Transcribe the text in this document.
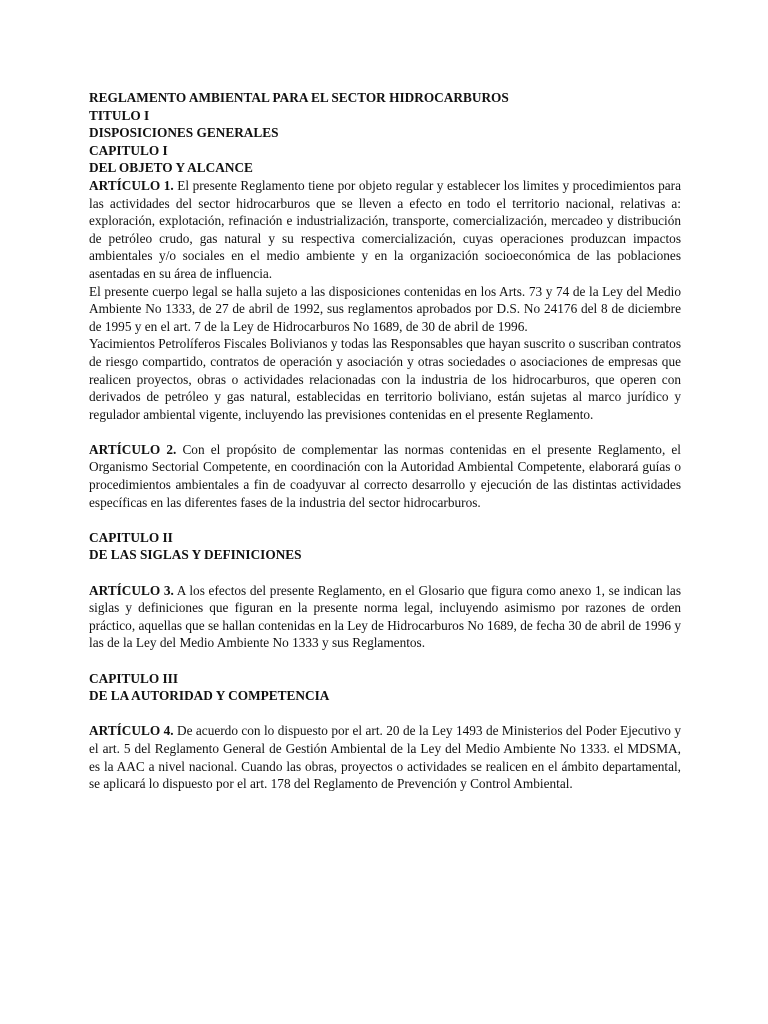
REGLAMENTO AMBIENTAL PARA EL SECTOR HIDROCARBUROS
TITULO I
DISPOSICIONES GENERALES
CAPITULO I
DEL OBJETO Y ALCANCE

ARTÍCULO 1. El presente Reglamento tiene por objeto regular y establecer los limites y procedimientos para las actividades del sector hidrocarburos que se lleven a efecto en todo el territorio nacional, relativas a: exploración, explotación, refinación e industrialización, transporte, comercialización, mercadeo y distribución de petróleo crudo, gas natural y su respectiva comercialización, cuyas operaciones produzcan impactos ambientales y/o sociales en el medio ambiente y en la organización socioeconómica de las poblaciones asentadas en su área de influencia.

El presente cuerpo legal se halla sujeto a las disposiciones contenidas en los Arts. 73 y 74 de la Ley del Medio Ambiente No 1333, de 27 de abril de 1992, sus reglamentos aprobados por D.S. No 24176 del 8 de diciembre de 1995 y en el art. 7 de la Ley de Hidrocarburos No 1689, de 30 de abril de 1996.

Yacimientos Petrolíferos Fiscales Bolivianos y todas las Responsables que hayan suscrito o suscriban contratos de riesgo compartido, contratos de operación y asociación y otras sociedades o asociaciones de empresas que realicen proyectos, obras o actividades relacionadas con la industria de los hidrocarburos, que operen con derivados de petróleo y gas natural, establecidas en territorio boliviano, están sujetas al marco jurídico y regulador ambiental vigente, incluyendo las previsiones contenidas en el presente Reglamento.

ARTÍCULO 2. Con el propósito de complementar las normas contenidas en el presente Reglamento, el Organismo Sectorial Competente, en coordinación con la Autoridad Ambiental Competente, elaborará guías o procedimientos ambientales a fin de coadyuvar al correcto desarrollo y ejecución de las distintas actividades específicas en las diferentes fases de la industria del sector hidrocarburos.

CAPITULO II
DE LAS SIGLAS Y DEFINICIONES

ARTÍCULO 3. A los efectos del presente Reglamento, en el Glosario que figura como anexo 1, se indican las siglas y definiciones que figuran en la presente norma legal, incluyendo asimismo por razones de orden práctico, aquellas que se hallan contenidas en la Ley de Hidrocarburos No 1689, de fecha 30 de abril de 1996 y las de la Ley del Medio Ambiente No 1333 y sus Reglamentos.

CAPITULO III
DE LA AUTORIDAD Y COMPETENCIA

ARTÍCULO 4. De acuerdo con lo dispuesto por el art. 20 de la Ley 1493 de Ministerios del Poder Ejecutivo y el art. 5 del Reglamento General de Gestión Ambiental de la Ley del Medio Ambiente No 1333. el MDSMA, es la AAC a nivel nacional. Cuando las obras, proyectos o actividades se realicen en el ámbito departamental, se aplicará lo dispuesto por el art. 178 del Reglamento de Prevención y Control Ambiental.
